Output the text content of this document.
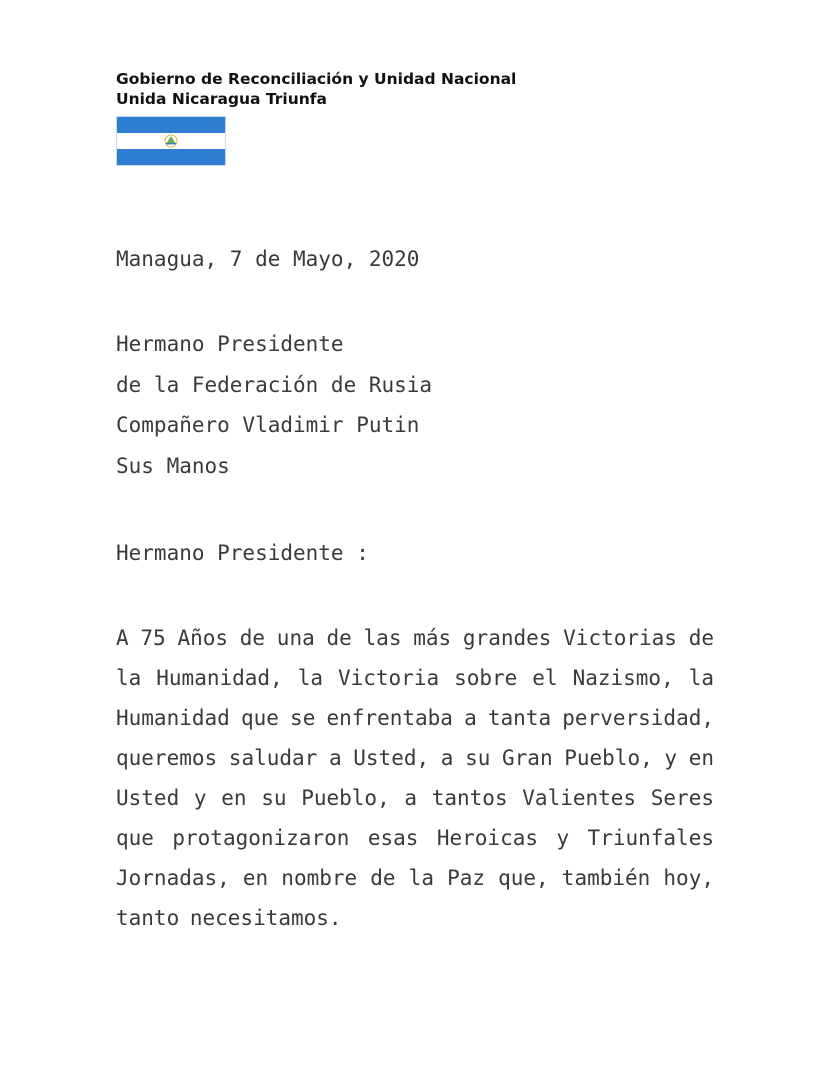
Gobierno de Reconciliación y Unidad Nacional
Unida Nicaragua Triunfa
Managua, 7 de Mayo, 2020
Hermano Presidente
de la Federación de Rusia
Compañero Vladimir Putin
Sus Manos
Hermano Presidente :
A 75 Años de una de las más grandes Victorias de la Humanidad, la Victoria sobre el Nazismo, la Humanidad que se enfrentaba a tanta perversidad, queremos saludar a Usted, a su Gran Pueblo, y en Usted y en su Pueblo, a tantos Valientes Seres que protagonizaron esas Heroicas y Triunfales Jornadas, en nombre de la Paz que, también hoy, tanto necesitamos.
